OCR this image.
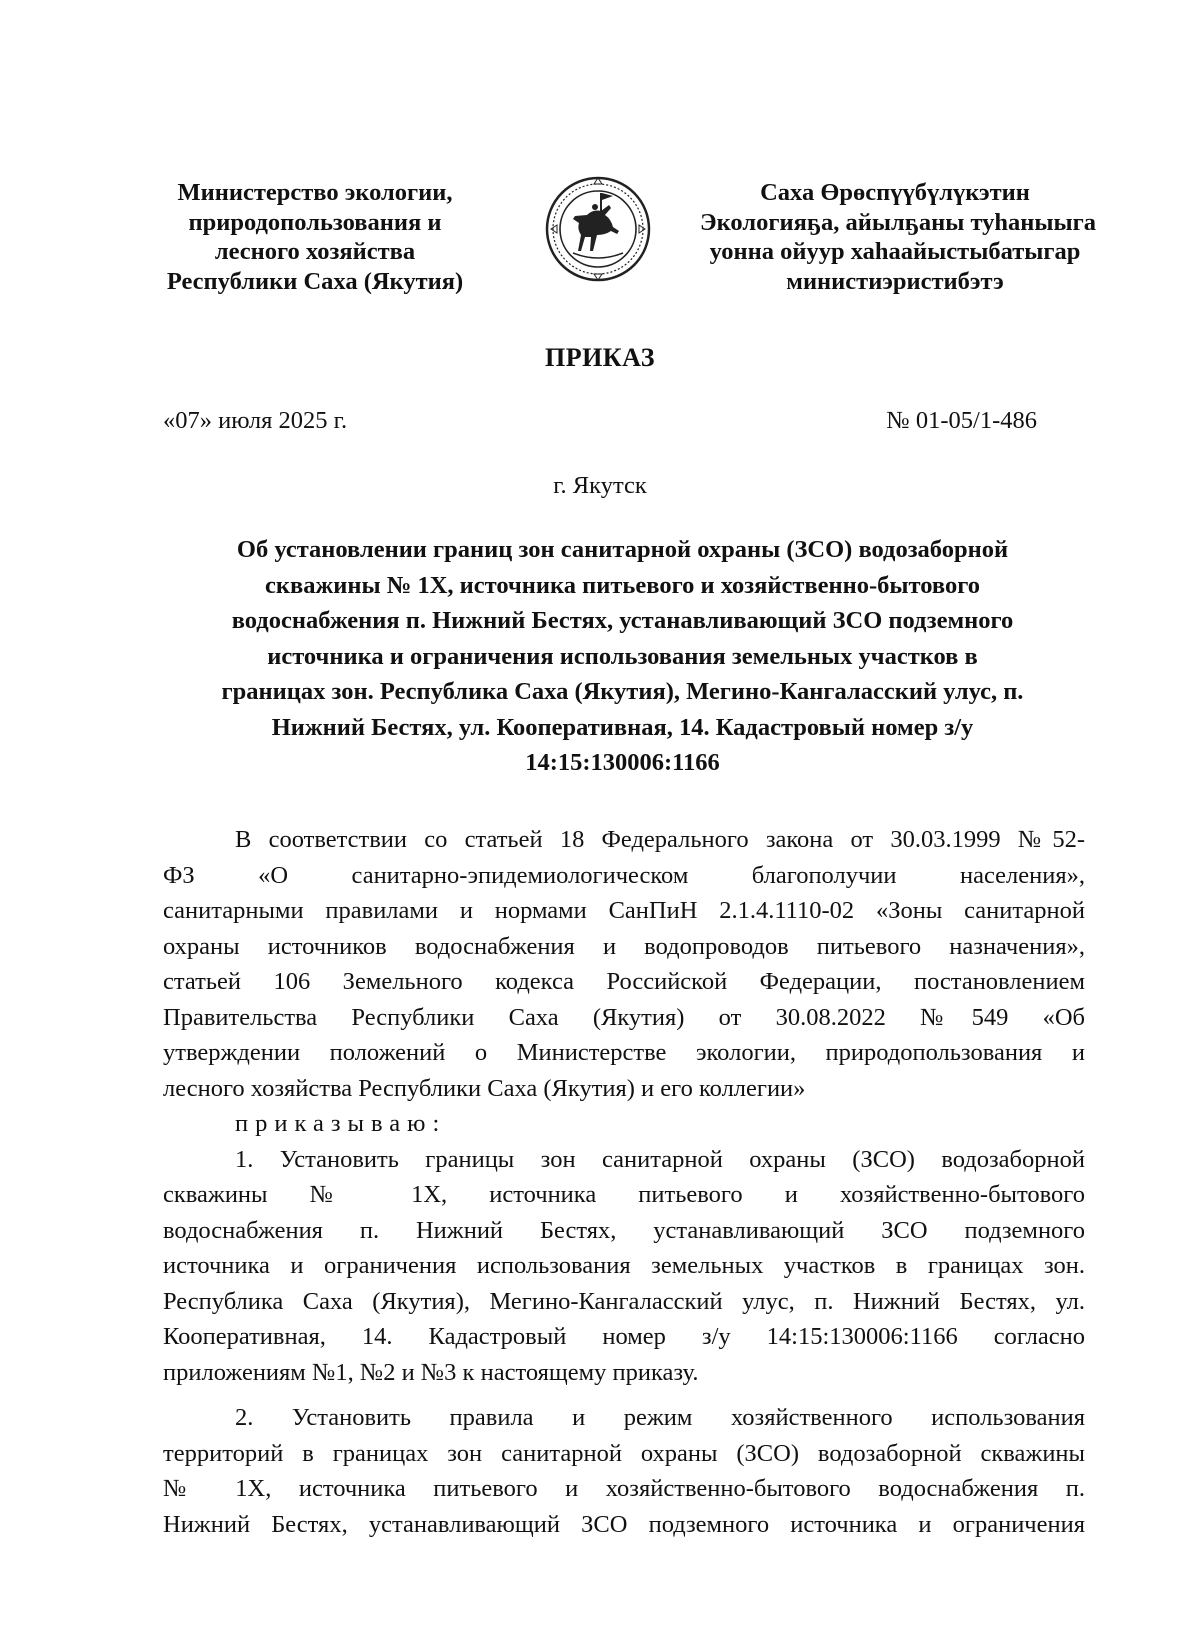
Министерство экологии,
природопользования и
лесного хозяйства
Республики Саха (Якутия)
Саха Өрөспүүбүлүкэтин
Экологияҕа, айылҕаны туһаныыга
уонна ойуур хаһаайыстыбатыгар
министиэристибэтэ
ПРИКАЗ
«07» июля 2025 г.	№ 01-05/1-486
г. Якутск
Об установлении границ зон санитарной охраны (ЗСО) водозаборной
скважины № 1Х, источника питьевого и хозяйственно-бытового
водоснабжения п. Нижний Бестях, устанавливающий ЗСО подземного
источника и ограничения использования земельных участков в
границах зон. Республика Саха (Якутия), Мегино-Кангаласский улус, п.
Нижний Бестях, ул. Кооперативная, 14. Кадастровый номер з/у
14:15:130006:1166
В соответствии со статьей 18 Федерального закона от 30.03.1999 №52-
ФЗ «О санитарно-эпидемиологическом благополучии населения»,
санитарными правилами и нормами СанПиН 2.1.4.1110-02 «Зоны санитарной
охраны источников водоснабжения и водопроводов питьевого назначения»,
статьей 106 Земельного кодекса Российской Федерации, постановлением
Правительства Республики Саха (Якутия) от 30.08.2022 №549 «Об
утверждении положений о Министерстве экологии, природопользования и
лесного хозяйства Республики Саха (Якутия) и его коллегии»
приказываю:
1. Установить границы зон санитарной охраны (ЗСО) водозаборной
скважины № 1Х, источника питьевого и хозяйственно-бытового
водоснабжения п. Нижний Бестях, устанавливающий ЗСО подземного
источника и ограничения использования земельных участков в границах зон.
Республика Саха (Якутия), Мегино-Кангаласский улус, п. Нижний Бестях, ул.
Кооперативная, 14. Кадастровый номер з/у 14:15:130006:1166 согласно
приложениям №1, №2 и №3 к настоящему приказу.
2. Установить правила и режим хозяйственного использования
территорий в границах зон санитарной охраны (ЗСО) водозаборной скважины
№ 1Х, источника питьевого и хозяйственно-бытового водоснабжения п.
Нижний Бестях, устанавливающий ЗСО подземного источника и ограничения
